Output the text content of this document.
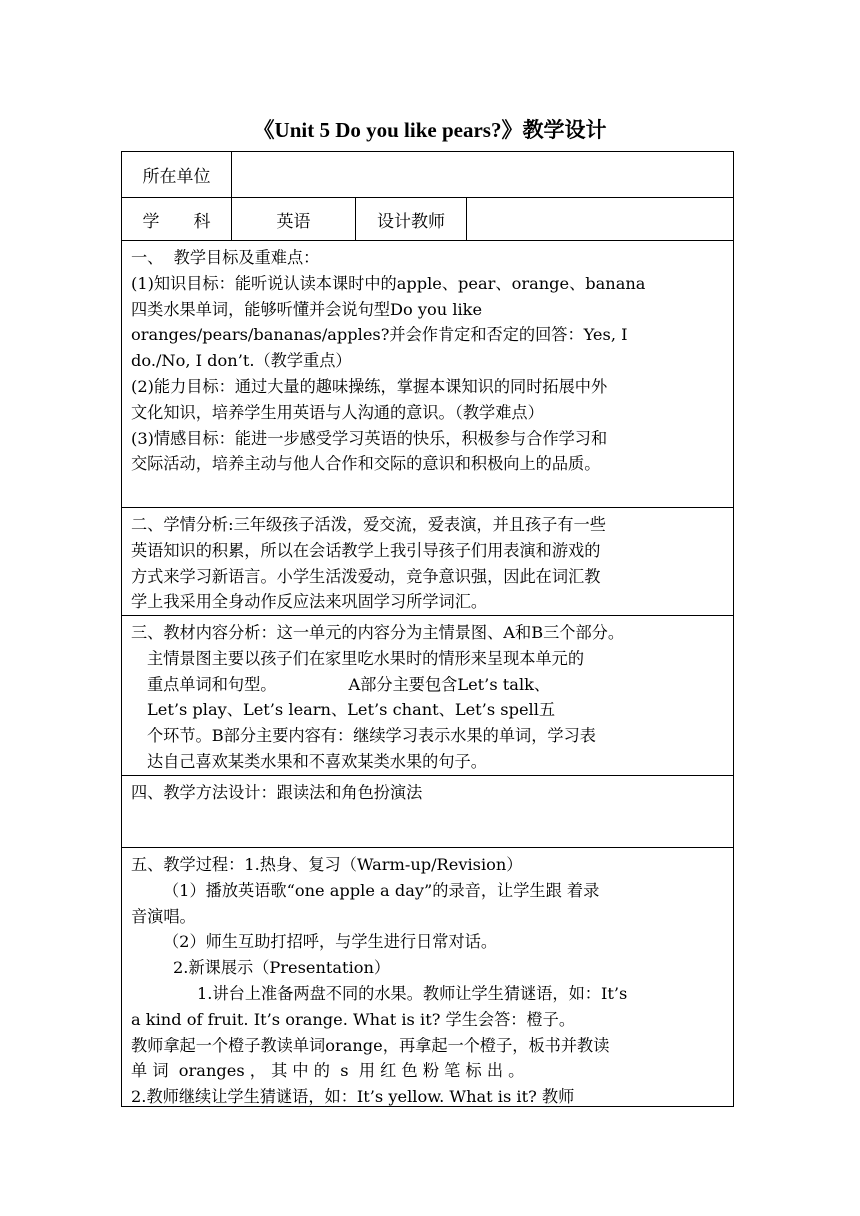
《Unit 5 Do you like pears?》教学设计
所在单位
学　　科	英语	设计教师

一、  教学目标及重难点：

(1)知识目标：能听说认读本课时中的apple、pear、orange、banana

四类水果单词，能够听懂并会说句型Do you like

oranges/pears/bananas/apples?并会作肯定和否定的回答：Yes, I

do./No, I don’t.（教学重点）

(2)能力目标：通过大量的趣味操练，掌握本课知识的同时拓展中外

文化知识，培养学生用英语与人沟通的意识。（教学难点）

(3)情感目标：能进一步感受学习英语的快乐，积极参与合作学习和

交际活动，培养主动与他人合作和交际的意识和积极向上的品质。

二、学情分析:三年级孩子活泼，爱交流，爱表演，并且孩子有一些

英语知识的积累，所以在会话教学上我引导孩子们用表演和游戏的

方式来学习新语言。小学生活泼爱动，竞争意识强，因此在词汇教

学上我采用全身动作反应法来巩固学习所学词汇。

三、教材内容分析：这一单元的内容分为主情景图、A和B三个部分。

主情景图主要以孩子们在家里吃水果时的情形来呈现本单元的

重点单词和句型。              A部分主要包含Let’s talk、

Let’s play、Let’s learn、Let’s chant、Let’s spell五

个环节。B部分主要内容有：继续学习表示水果的单词，学习表

达自己喜欢某类水果和不喜欢某类水果的句子。

四、教学方法设计：跟读法和角色扮演法

五、教学过程：1.热身、复习（Warm-up/Revision）

（1）播放英语歌“one apple a day”的录音，让学生跟 着录

音演唱。

（2）师生互助打招呼，与学生进行日常对话。

2.新课展示（Presentation）

1.讲台上准备两盘不同的水果。教师让学生猜谜语，如：It’s

a kind of fruit. It’s orange. What is it? 学生会答：橙子。

教师拿起一个橙子教读单词orange，再拿起一个橙子，板书并教读

单 词  oranges ， 其 中 的  s  用 红 色 粉 笔 标 出 。

2.教师继续让学生猜谜语，如：It’s yellow. What is it? 教师
